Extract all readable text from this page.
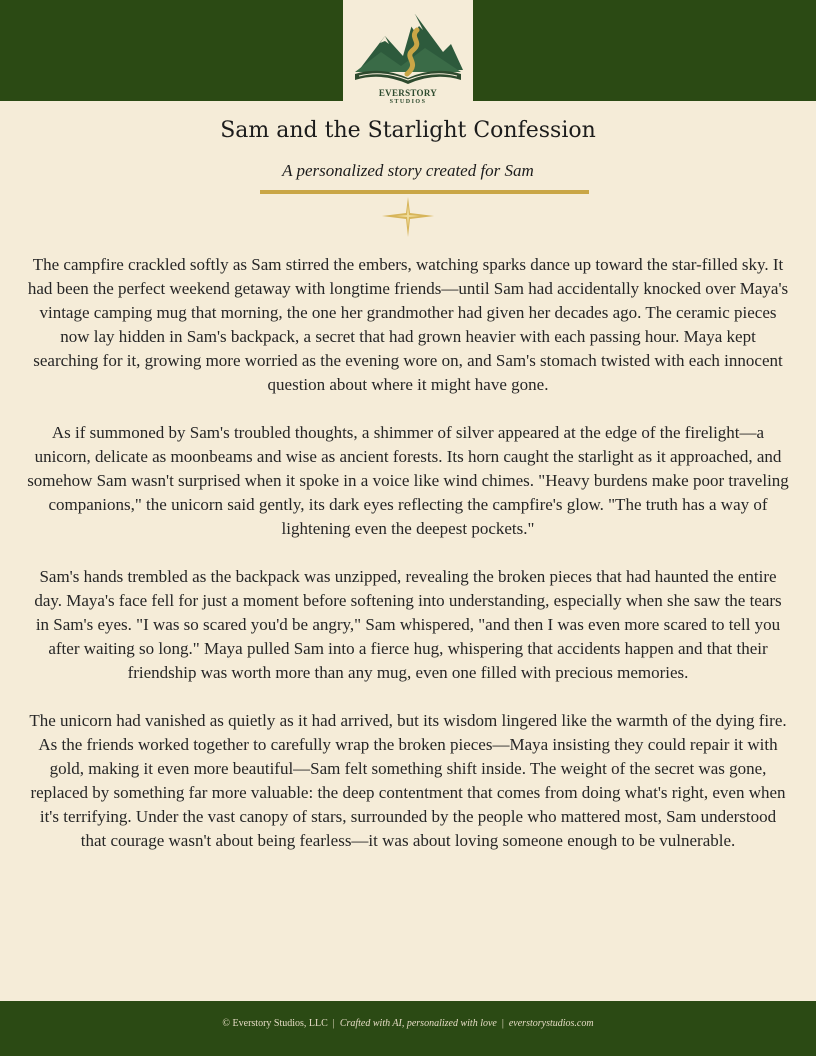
EVERSTORY
STUDIOS
Sam and the Starlight Confession
A personalized story created for Sam

The campfire crackled softly as Sam stirred the embers, watching sparks dance up toward the star-filled sky. It had been the perfect weekend getaway with longtime friends—until Sam had accidentally knocked over Maya's vintage camping mug that morning, the one her grandmother had given her decades ago. The ceramic pieces now lay hidden in Sam's backpack, a secret that had grown heavier with each passing hour. Maya kept searching for it, growing more worried as the evening wore on, and Sam's stomach twisted with each innocent question about where it might have gone.

As if summoned by Sam's troubled thoughts, a shimmer of silver appeared at the edge of the firelight—a unicorn, delicate as moonbeams and wise as ancient forests. Its horn caught the starlight as it approached, and somehow Sam wasn't surprised when it spoke in a voice like wind chimes. "Heavy burdens make poor traveling companions," the unicorn said gently, its dark eyes reflecting the campfire's glow. "The truth has a way of lightening even the deepest pockets."

Sam's hands trembled as the backpack was unzipped, revealing the broken pieces that had haunted the entire day. Maya's face fell for just a moment before softening into understanding, especially when she saw the tears in Sam's eyes. "I was so scared you'd be angry," Sam whispered, "and then I was even more scared to tell you after waiting so long." Maya pulled Sam into a fierce hug, whispering that accidents happen and that their friendship was worth more than any mug, even one filled with precious memories.

The unicorn had vanished as quietly as it had arrived, but its wisdom lingered like the warmth of the dying fire. As the friends worked together to carefully wrap the broken pieces—Maya insisting they could repair it with gold, making it even more beautiful—Sam felt something shift inside. The weight of the secret was gone, replaced by something far more valuable: the deep contentment that comes from doing what's right, even when it's terrifying. Under the vast canopy of stars, surrounded by the people who mattered most, Sam understood that courage wasn't about being fearless—it was about loving someone enough to be vulnerable.

© Everstory Studios, LLC | Crafted with AI, personalized with love | everstorystudios.com
